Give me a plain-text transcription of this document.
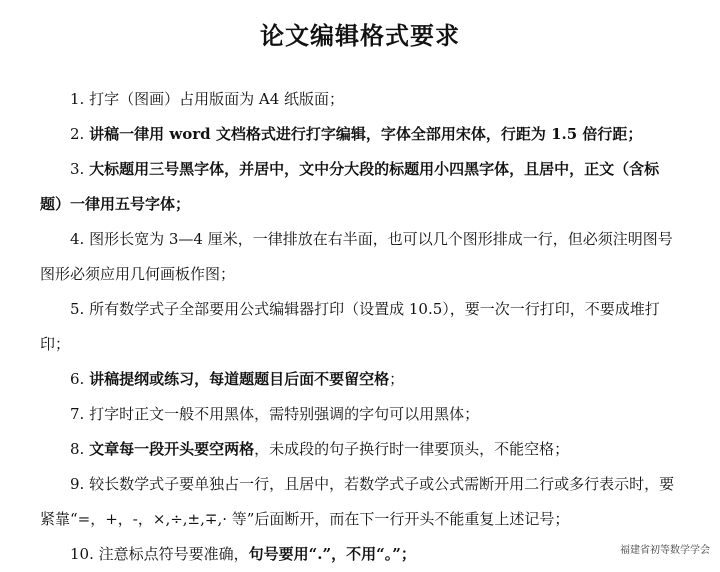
论文编辑格式要求

1. 打字（图画）占用版面为 A4 纸版面；

2. 讲稿一律用 word 文档格式进行打字编辑，字体全部用宋体，行距为 1.5 倍行距；

3. 大标题用三号黑字体，并居中，文中分大段的标题用小四黑字体，且居中，正文（含标题）一律用五号字体；

4. 图形长宽为 3—4 厘米，一律排放在右半面，也可以几个图形排成一行，但必须注明图号图形必须应用几何画板作图；

5. 所有数学式子全部要用公式编辑器打印（设置成 10.5），要一次一行打印，不要成堆打印；

6. 讲稿提纲或练习，每道题题目后面不要留空格；

7. 打字时正文一般不用黑体，需特别强调的字句可以用黑体；

8. 文章每一段开头要空两格，未成段的句子换行时一律要顶头，不能空格；

9. 较长数学式子要单独占一行，且居中，若数学式子或公式需断开用二行或多行表示时，要紧靠“=，+，-，×,÷,±,∓,· 等”后面断开，而在下一行开头不能重复上述记号；

10. 注意标点符号要准确，句号要用“.”，不用“。”；	福建省初等数学学会
